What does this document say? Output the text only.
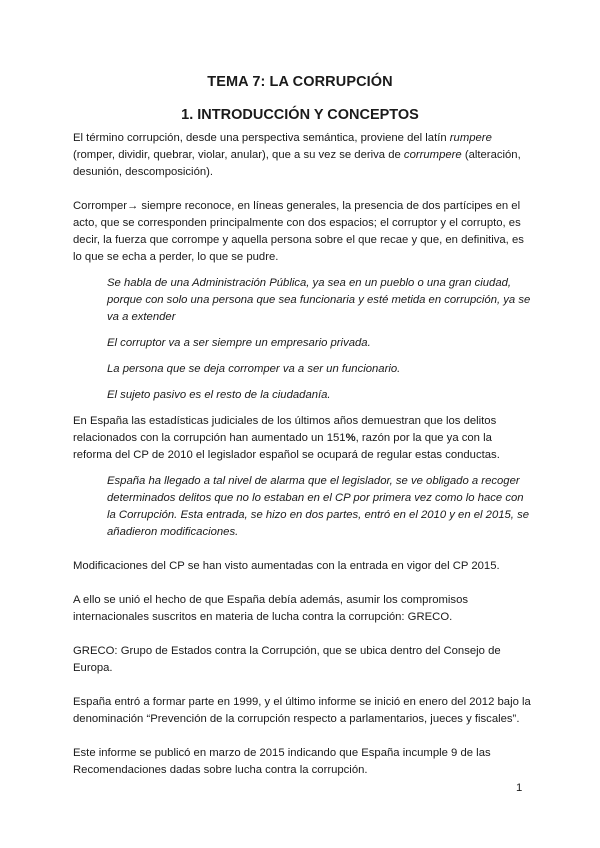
TEMA 7: LA CORRUPCIÓN
1. INTRODUCCIÓN Y CONCEPTOS

El término corrupción, desde una perspectiva semántica, proviene del latín rumpere (romper, dividir, quebrar, violar, anular), que a su vez se deriva de corrumpere (alteración, desunión, descomposición).

Corromper→ siempre reconoce, en líneas generales, la presencia de dos partícipes en el acto, que se corresponden principalmente con dos espacios; el corruptor y el corrupto, es decir, la fuerza que corrompe y aquella persona sobre el que recae y que, en definitiva, es lo que se echa a perder, lo que se pudre.

Se habla de una Administración Pública, ya sea en un pueblo o una gran ciudad, porque con solo una persona que sea funcionaria y esté metida en corrupción, ya se va a extender

El corruptor va a ser siempre un empresario privada.

La persona que se deja corromper va a ser un funcionario.

El sujeto pasivo es el resto de la ciudadanía.

En España las estadísticas judiciales de los últimos años demuestran que los delitos relacionados con la corrupción han aumentado un 151%, razón por la que ya con la reforma del CP de 2010 el legislador español se ocupará de regular estas conductas.

España ha llegado a tal nivel de alarma que el legislador, se ve obligado a recoger determinados delitos que no lo estaban en el CP por primera vez como lo hace con la Corrupción. Esta entrada, se hizo en dos partes, entró en el 2010 y en el 2015, se añadieron modificaciones.

Modificaciones del CP se han visto aumentadas con la entrada en vigor del CP 2015.

A ello se unió el hecho de que España debía además, asumir los compromisos internacionales suscritos en materia de lucha contra la corrupción: GRECO.

GRECO: Grupo de Estados contra la Corrupción, que se ubica dentro del Consejo de Europa.

España entró a formar parte en 1999, y el último informe se inició en enero del 2012 bajo la denominación “Prevención de la corrupción respecto a parlamentarios, jueces y fiscales”.

Este informe se publicó en marzo de 2015 indicando que España incumple 9 de las Recomendaciones dadas sobre lucha contra la corrupción.

1
